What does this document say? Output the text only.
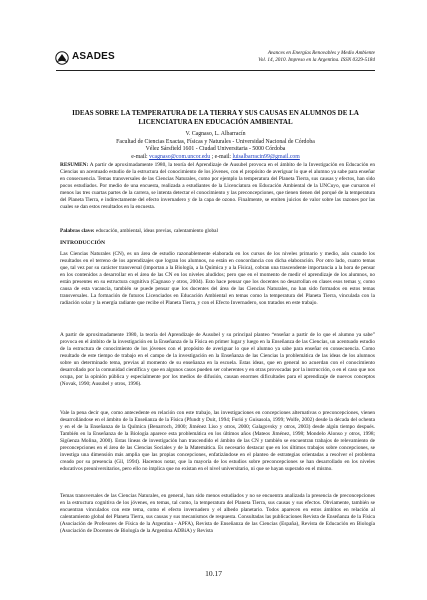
ASADES	Avances en Energías Renovables y Medio Ambiente
Vol. 14, 2010. Impreso en la Argentina. ISSN 0329-5184
IDEAS SOBRE LA TEMPERATURA DE LA TIERRA Y SUS CAUSAS EN ALUMNOS DE LA LICENCIATURA EN EDUCACIÓN AMBIENTAL
V. Cagnaso, L. Albarracín
Facultad de Ciencias Exactas, Físicas y Naturales - Universidad Nacional de Córdoba
Vélez Sársfield 1601 - Ciudad Universitaria - 5000 Córdoba
e-mail: vcagnaso@com.uncor.edu ; e-mail: luisalbarracin99@gmail.com

RESUMEN: A partir de aproximadamente 1980, la teoría del Aprendizaje de Ausubel provoca en el ámbito de la Investigación en Educación en Ciencias un acentuado estudio de la estructura del conocimiento de los jóvenes, con el propósito de averiguar lo que el alumno ya sabe para enseñar en consecuencia. Temas transversales de las Ciencias Naturales, como por ejemplo la temperatura del Planeta Tierra, sus causas y efectos, han sido pocos estudiados. Por medio de una encuesta, realizada a estudiantes de la Licenciatura en Educación Ambiental de la UNCuyo, que cursaron el menos las tres cuartas partes de la carrera, se intenta detectar el conocimiento y las preconcepciones, que tienen tienen del porqué de la temperatura del Planeta Tierra, e indirectamente del efecto invernadero y de la capa de ozono. Finalmente, se emiten juicios de valor sobre las razones por las cuales se dan estos resultados en la encuesta.

Palabras clave: educación, ambiental, ideas previas, calentamiento global

INTRODUCCIÓN

Las Ciencias Naturales (CN), es un área de estudio razonablemente elaborada en los cursos de los niveles primario y medio, aún cuando los resultados en el terreno de los aprendizajes que logran los alumnos, no están en concordancia con dicha elaboración. Por otro lado, cuatro temas que, tal vez por su carácter transversal (importan a la Biología, a la Química y a la Física), cobran una trascendente importancia a la hora de pensar en los contenidos a desarrollar en el área de las CN en los niveles aludidos; pero que en el momento de medir el aprendizaje de los alumnos, no están presentes en su estructura cognitiva (Cagnaso y otros, 2004). Esto hace pensar que los docentes no desarrollan en clases esos temas y, como causa de esta vacancia, también se puede pensar que los docentes del área de las Ciencias Naturales, no han sido formados en estos temas transversales. La formación de futuros Licenciados en Educación Ambiental en temas como la temperatura del Planeta Tierra, vinculada con la radiación solar y la energía radiante que recibe el Planeta Tierra, y con el Efecto Invernadero, son tratados en este trabajo.

A partir de aproximadamente 1980, la teoría del Aprendizaje de Ausubel y su principal planteo “enseñar a partir de lo que el alumno ya sabe” provoca en el ámbito de la investigación en la Enseñanza de la Física en primer lugar y luego en la Enseñanza de las Ciencias, un acentuado estudio de la estructura de conocimiento de los jóvenes con el propósito de averiguar lo que el alumno ya sabe para enseñar en consecuencia. Como resultado de este tiempo de trabajo en el campo de la investigación en la Enseñanza de las Ciencias la problemática de las ideas de los alumnos sobre un determinado tema, previas al momento de su enseñanza en la escuela. Estas ideas, que en general no acuerdan con el conocimiento desarrollado por la comunidad científica y que en algunos casos pueden ser coherentes y en otras provocadas por la instrucción, o en el caso que nos ocupa, por la opinión pública y especialmente por los medios de difusión, causan enormes dificultades para el aprendizaje de nuevos conceptos (Novak, 1990; Ausubel y otros, 1996).

Vale la pena decir que, como antecedente en relación con este trabajo, las investigaciones en concepciones alternativas o preconcepciones, vienen desarrollándose en el ámbito de la Enseñanza de la Física (Pfundt y Duit, 1994; Furió y Guisasola, 1999; Wolfe, 2002) desde la década del ochenta y en el de la Enseñanza de la Química (Benarroch, 2000; Jiménez Liso y otros, 2000; Galagovsky y otros, 2003) desde algún tiempo después. También en la Enseñanza de la Biología aparece esta problemática en los últimos años (Mateos Jiménez, 1998; Mondelo Alonso y otros, 1998; Sigüenza Molina, 2000). Estas líneas de investigación han trascendido el ámbito de las CN y también se encuentran trabajos de relevamiento de preconcepciones en el área de las Ciencias Sociales y de la Matemática. Es necesario destacar que en los últimos trabajos sobre concepciones, se investiga una dimensión más amplia que las propias concepciones, enfatizándose en el planteo de estrategias orientadas a resolver el problema creado por su presencia (Gil, 1994). Hacemos notar, que la mayoría de los estudios sobre preconcepciones se han desarrollado en los niveles educativos preuniversitarios, pero ello no implica que no existan en el nivel universitario, ni que se hayan superado en el mismo.

Temas transversales de las Ciencias Naturales, en general, han sido menos estudiados y no se encuentra analizada la presencia de preconcepciones en la estructura cognitiva de los jóvenes, en temas, tal como, la temperatura del Planeta Tierra, sus causas y sus efectos. Obviamente, también se encuentran vinculados con este tema, como el efecto invernadero y el albedo planetario. Todos aparecen en estos ámbitos en relación al calentamiento global del Planeta Tierra, sus causas y sus mecanismos de respuesta. Consultadas las publicaciones Revista de Enseñanza de la Física (Asociación de Profesores de Física de la Argentina - APFA), Revista de Enseñanza de las Ciencias (España), Revista de Educación en Biología (Asociación de Docentes de Biología de la Argentina ADBiA) y Revista

10.17
